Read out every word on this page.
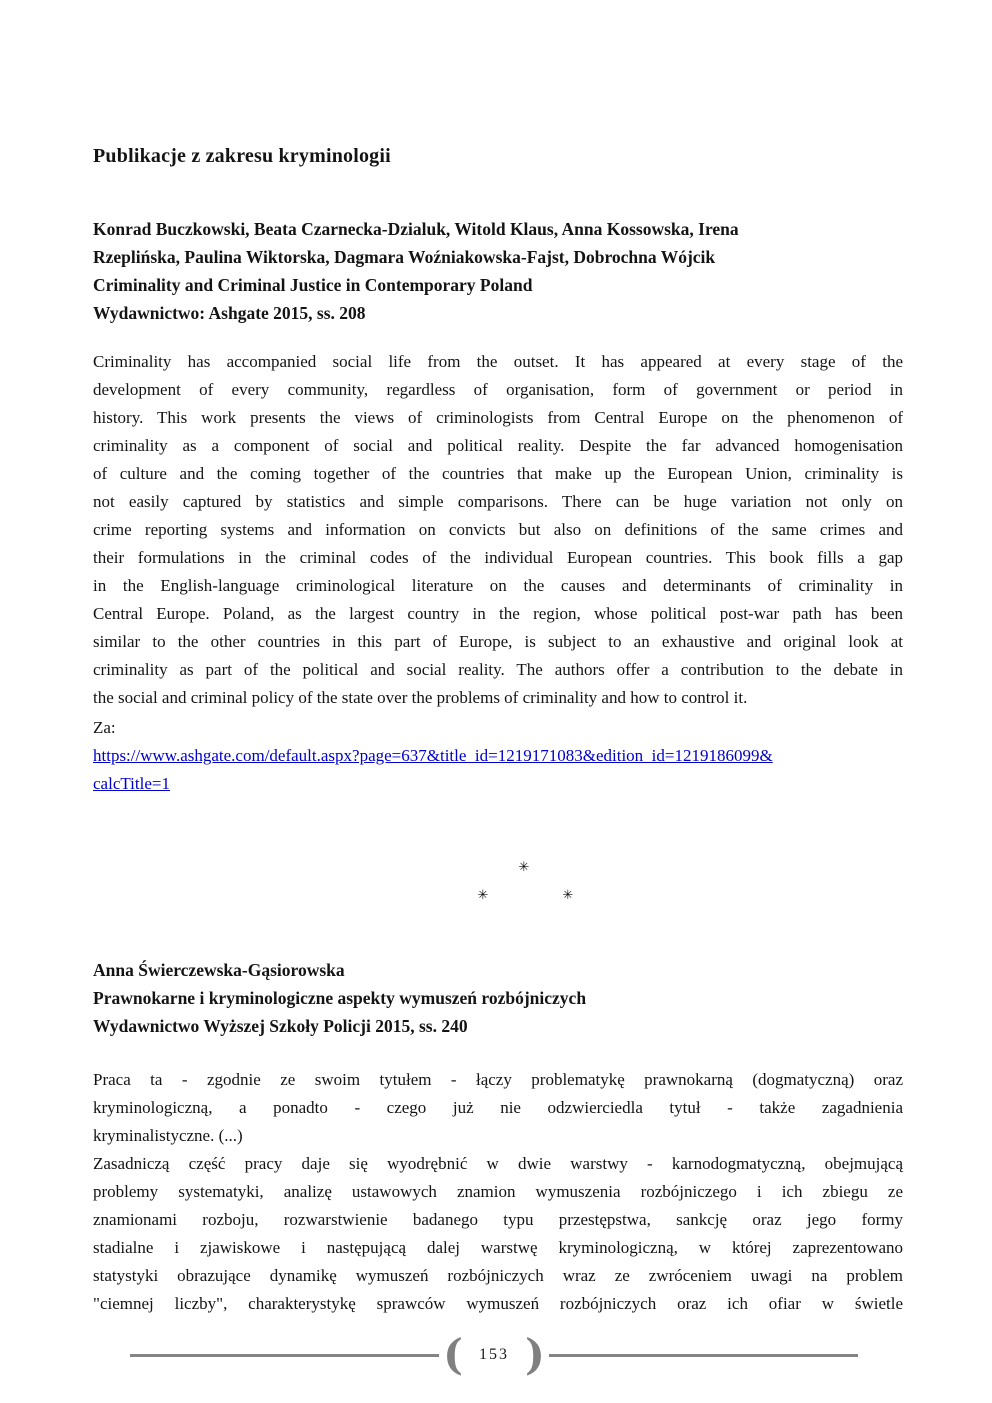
Publikacje z zakresu kryminologii
Konrad Buczkowski, Beata Czarnecka-Dzialuk, Witold Klaus, Anna Kossowska, Irena
Rzeplińska, Paulina Wiktorska, Dagmara Woźniakowska-Fajst, Dobrochna Wójcik
Criminality and Criminal Justice in Contemporary Poland
Wydawnictwo: Ashgate 2015, ss. 208
Criminality has accompanied social life from the outset. It has appeared at every stage of the
development of every community, regardless of organisation, form of government or period in
history. This work presents the views of criminologists from Central Europe on the phenomenon of
criminality as a component of social and political reality. Despite the far advanced homogenisation
of culture and the coming together of the countries that make up the European Union, criminality is
not easily captured by statistics and simple comparisons. There can be huge variation not only on
crime reporting systems and information on convicts but also on definitions of the same crimes and
their formulations in the criminal codes of the individual European countries. This book fills a gap
in the English-language criminological literature on the causes and determinants of criminality in
Central Europe. Poland, as the largest country in the region, whose political post-war path has been
similar to the other countries in this part of Europe, is subject to an exhaustive and original look at
criminality as part of the political and social reality. The authors offer a contribution to the debate in
the social and criminal policy of the state over the problems of criminality and how to control it.
Za:
https://www.ashgate.com/default.aspx?page=637&title_id=1219171083&edition_id=1219186099&
calcTitle=1
✳
✳	✳
Anna Świerczewska-Gąsiorowska
Prawnokarne i kryminologiczne aspekty wymuszeń rozbójniczych
Wydawnictwo Wyższej Szkoły Policji 2015, ss. 240
Praca ta - zgodnie ze swoim tytułem - łączy problematykę prawnokarną (dogmatyczną) oraz
kryminologiczną, a ponadto - czego już nie odzwierciedla tytuł - także zagadnienia
kryminalistyczne. (...)
Zasadniczą część pracy daje się wyodrębnić w dwie warstwy - karnodogmatyczną, obejmującą
problemy systematyki, analizę ustawowych znamion wymuszenia rozbójniczego i ich zbiegu ze
znamionami rozboju, rozwarstwienie badanego typu przestępstwa, sankcję oraz jego formy
stadialne i zjawiskowe i następującą dalej warstwę kryminologiczną, w której zaprezentowano
statystyki obrazujące dynamikę wymuszeń rozbójniczych wraz ze zwróceniem uwagi na problem
"ciemnej liczby", charakterystykę sprawców wymuszeń rozbójniczych oraz ich ofiar w świetle
( 153 )
